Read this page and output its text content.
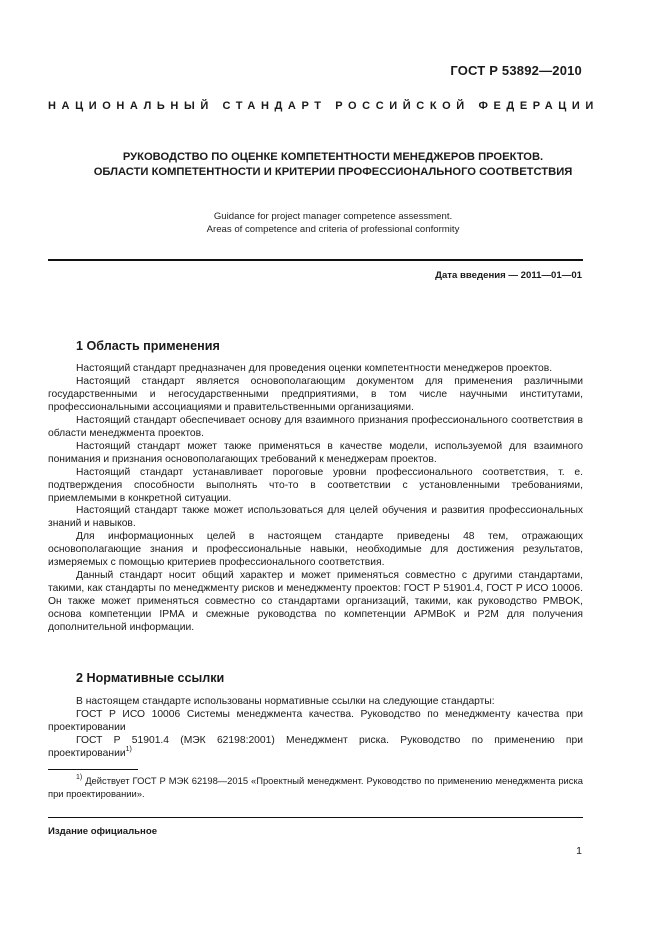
ГОСТ Р 53892—2010
НАЦИОНАЛЬНЫЙ СТАНДАРТ РОССИЙСКОЙ ФЕДЕРАЦИИ
РУКОВОДСТВО ПО ОЦЕНКЕ КОМПЕТЕНТНОСТИ МЕНЕДЖЕРОВ ПРОЕКТОВ.
ОБЛАСТИ КОМПЕТЕНТНОСТИ И КРИТЕРИИ ПРОФЕССИОНАЛЬНОГО СООТВЕТСТВИЯ
Guidance for project manager competence assessment.
Areas of competence and criteria of professional conformity
Дата введения — 2011—01—01
1 Область применения

Настоящий стандарт предназначен для проведения оценки компетентности менеджеров проектов.

Настоящий стандарт является основополагающим документом для применения различными государственными и негосударственными предприятиями, в том числе научными институтами, профессиональными ассоциациями и правительственными организациями.

Настоящий стандарт обеспечивает основу для взаимного признания профессионального соответствия в области менеджмента проектов.

Настоящий стандарт может также применяться в качестве модели, используемой для взаимного понимания и признания основополагающих требований к менеджерам проектов.

Настоящий стандарт устанавливает пороговые уровни профессионального соответствия, т. е. подтверждения способности выполнять что-то в соответствии с установленными требованиями, приемлемыми в конкретной ситуации.

Настоящий стандарт также может использоваться для целей обучения и развития профессиональных знаний и навыков.

Для информационных целей в настоящем стандарте приведены 48 тем, отражающих основополагающие знания и профессиональные навыки, необходимые для достижения результатов, измеряемых с помощью критериев профессионального соответствия.

Данный стандарт носит общий характер и может применяться совместно с другими стандартами, такими, как стандарты по менеджменту рисков и менеджменту проектов: ГОСТ Р 51901.4, ГОСТ Р ИСО 10006. Он также может применяться совместно со стандартами организаций, такими, как руководство PMBOK, основа компетенции IPMA и смежные руководства по компетенции APMBoK и P2M для получения дополнительной информации.

2 Нормативные ссылки

В настоящем стандарте использованы нормативные ссылки на следующие стандарты:

ГОСТ Р ИСО 10006 Системы менеджмента качества. Руководство по менеджменту качества при проектировании

ГОСТ Р 51901.4 (МЭК 62198:2001) Менеджмент риска. Руководство по применению при проектировании$^{1)}$

$^{1)}$ Действует ГОСТ Р МЭК 62198—2015 «Проектный менеджмент. Руководство по применению менеджмента риска при проектировании».

Издание официальное
1
